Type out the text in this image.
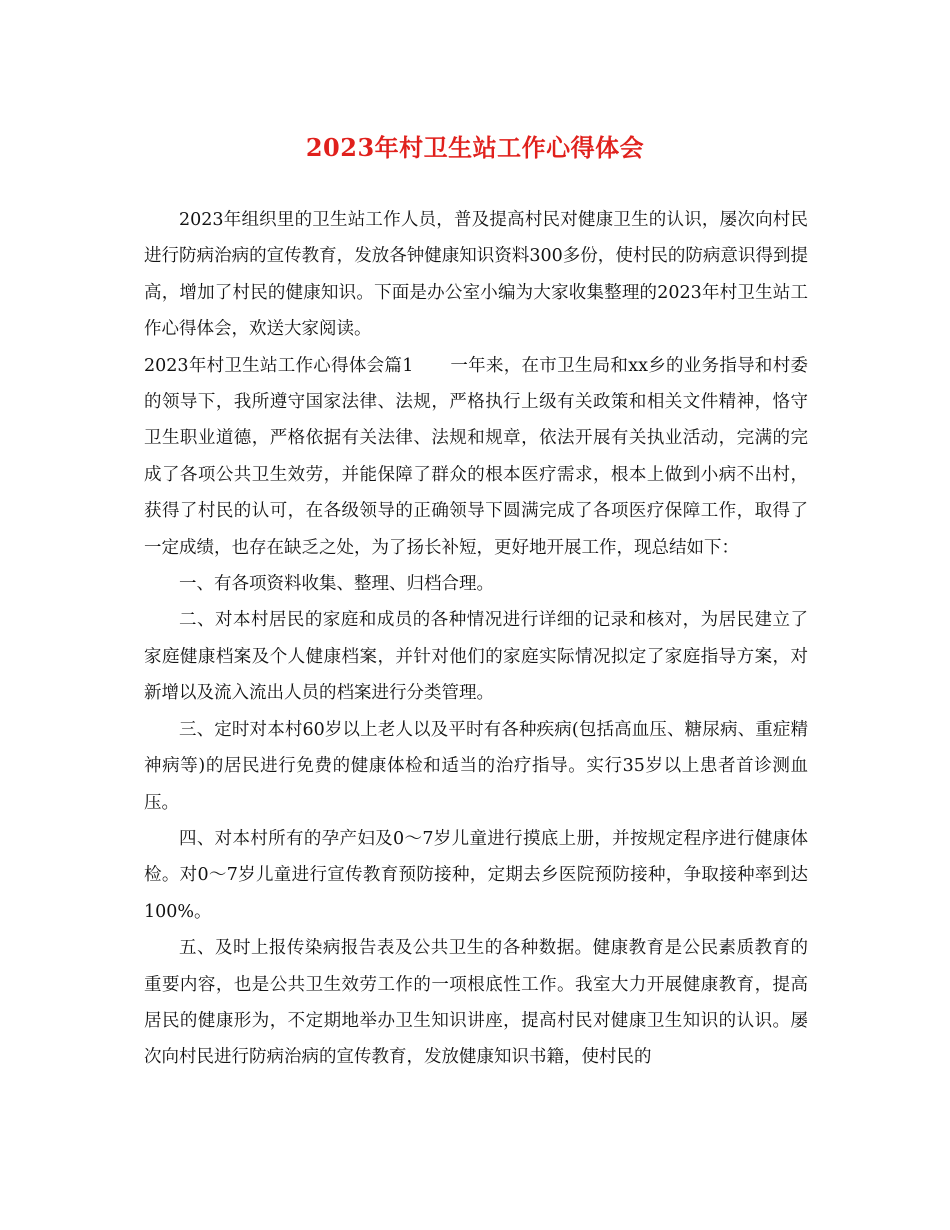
2023年村卫生站工作心得体会

2023年组织里的卫生站工作人员，普及提高村民对健康卫生的认识，屡次向村民进行防病治病的宣传教育，发放各钟健康知识资料300多份，使村民的防病意识得到提高，增加了村民的健康知识。下面是办公室小编为大家收集整理的2023年村卫生站工作心得体会，欢送大家阅读。

2023年村卫生站工作心得体会篇1 一年来，在市卫生局和xx乡的业务指导和村委的领导下，我所遵守国家法律、法规，严格执行上级有关政策和相关文件精神，恪守卫生职业道德，严格依据有关法律、法规和规章，依法开展有关执业活动，完满的完成了各项公共卫生效劳，并能保障了群众的根本医疗需求，根本上做到小病不出村，获得了村民的认可，在各级领导的正确领导下圆满完成了各项医疗保障工作，取得了一定成绩，也存在缺乏之处，为了扬长补短，更好地开展工作，现总结如下：

一、有各项资料收集、整理、归档合理。

二、对本村居民的家庭和成员的各种情况进行详细的记录和核对，为居民建立了家庭健康档案及个人健康档案，并针对他们的家庭实际情况拟定了家庭指导方案，对新增以及流入流出人员的档案进行分类管理。

三、定时对本村60岁以上老人以及平时有各种疾病(包括高血压、糖尿病、重症精神病等)的居民进行免费的健康体检和适当的治疗指导。实行35岁以上患者首诊测血压。

四、对本村所有的孕产妇及0～7岁儿童进行摸底上册，并按规定程序进行健康体检。对0～7岁儿童进行宣传教育预防接种，定期去乡医院预防接种，争取接种率到达100%。

五、及时上报传染病报告表及公共卫生的各种数据。健康教育是公民素质教育的重要内容，也是公共卫生效劳工作的一项根底性工作。我室大力开展健康教育，提高居民的健康形为，不定期地举办卫生知识讲座，提高村民对健康卫生知识的认识。屡次向村民进行防病治病的宣传教育，发放健康知识书籍，使村民的
